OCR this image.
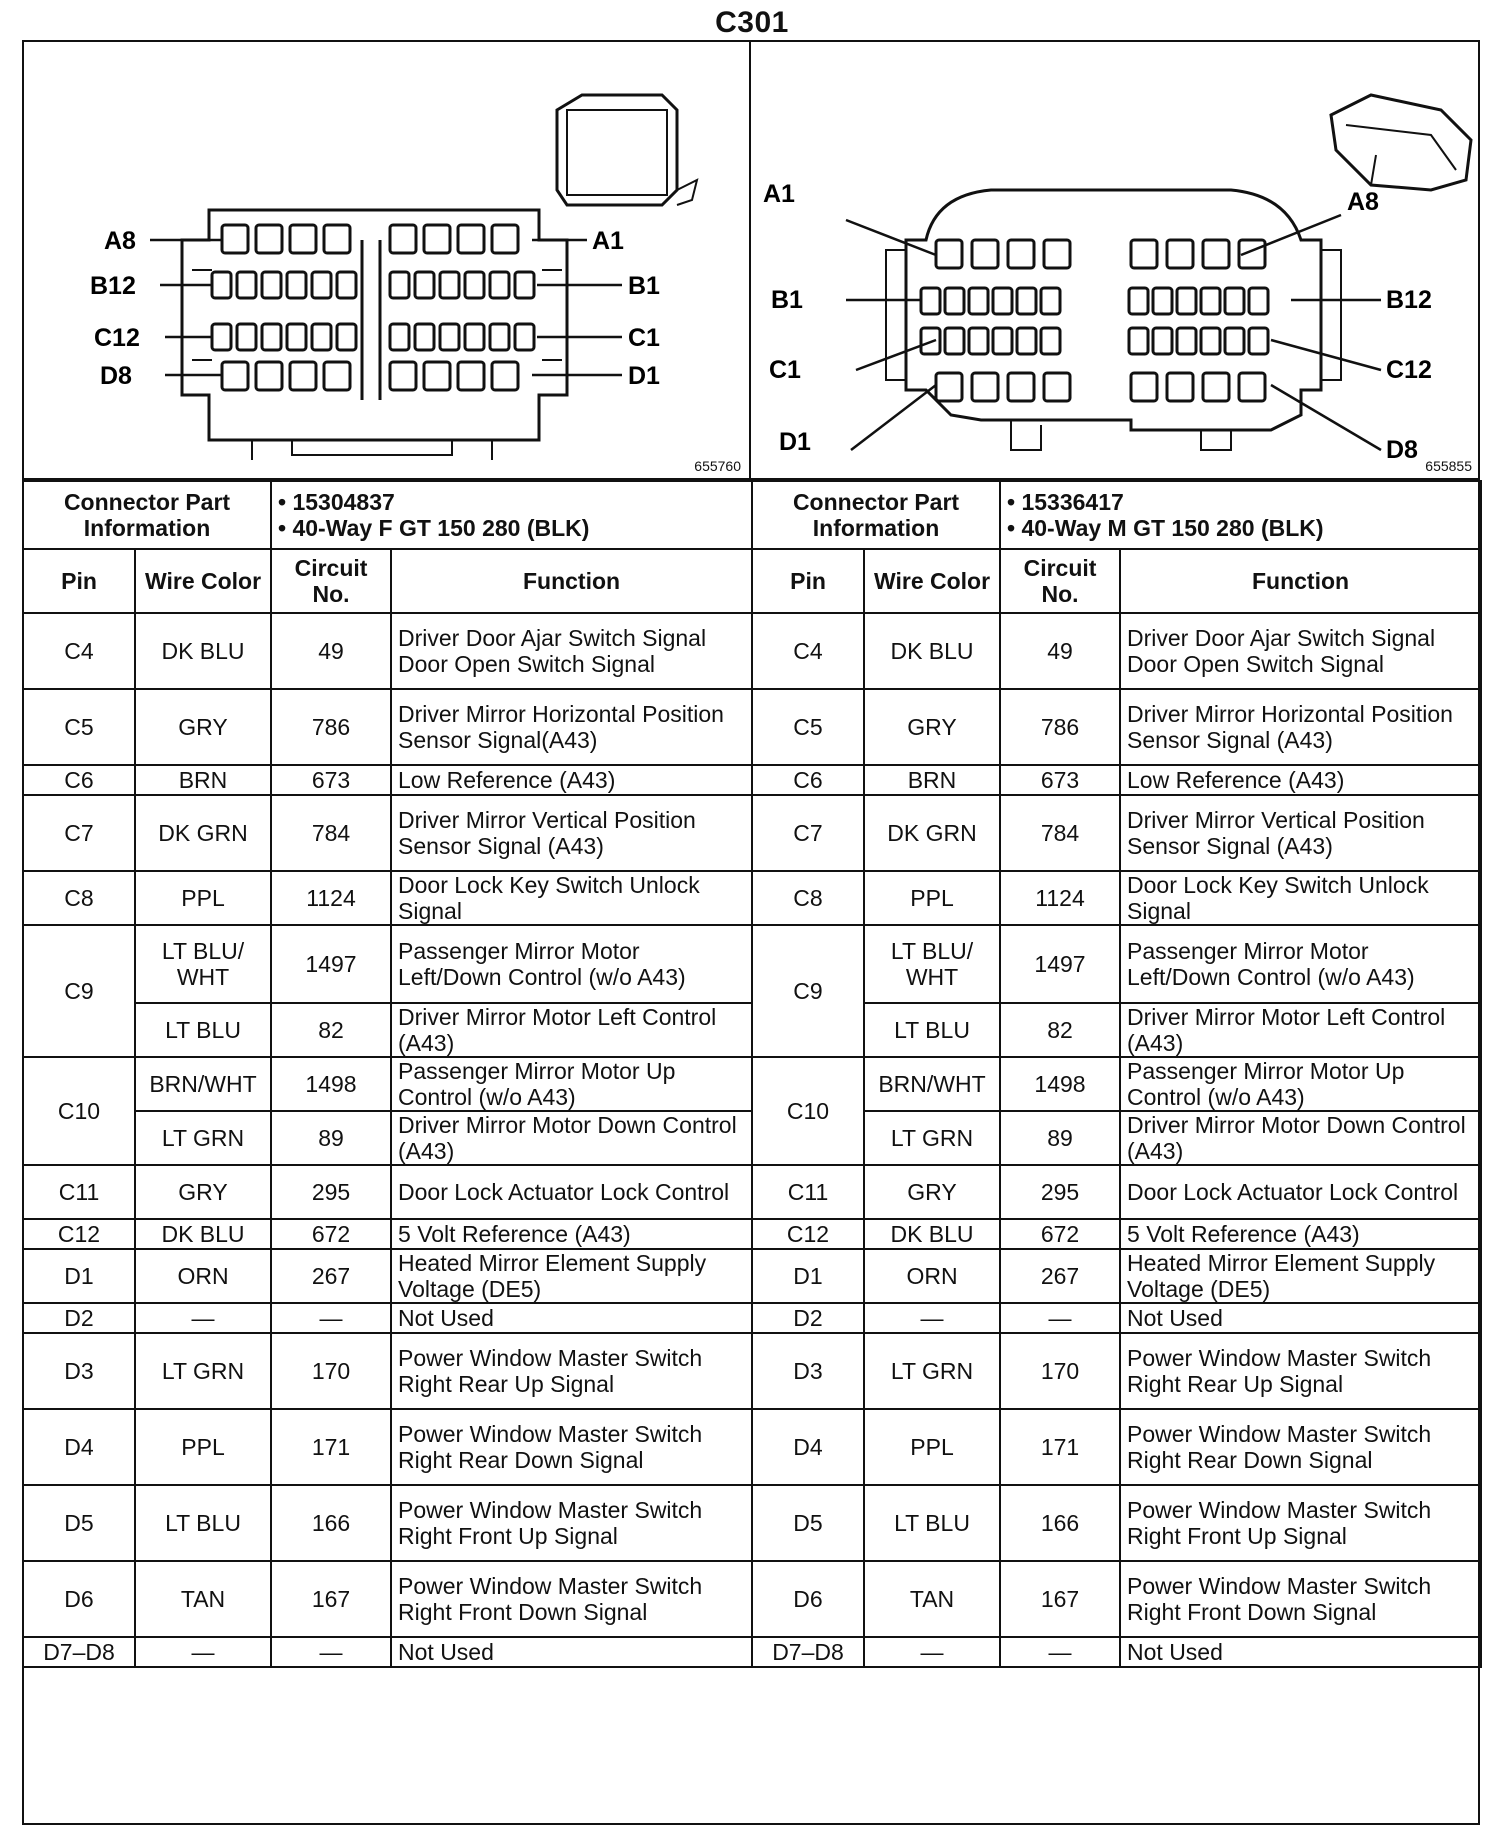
C301
A8
B12
C12
D8
A1
B1
C1
D1
655760
Connector Part Information		• 15304837
• 40-Way F GT 150 280 (BLK)	

Pin	Wire Color	Circuit No.	Function
C4	DK BLU	49	Driver Door Ajar Switch Signal Door Open Switch Signal
C5	GRY	786	Driver Mirror Horizontal Position Sensor Signal(A43)
C6	BRN	673	Low Reference (A43)
C7	DK GRN	784	Driver Mirror Vertical Position Sensor Signal (A43)
C8	PPL	1124	Door Lock Key Switch Unlock Signal
C9	LT BLU/ WHT	1497	Passenger Mirror Motor Left/Down Control (w/o A43)
	LT BLU	82	Driver Mirror Motor Left Control (A43)
C10	BRN/WHT	1498	Passenger Mirror Motor Up Control (w/o A43)
	LT GRN	89	Driver Mirror Motor Down Control (A43)
C11	GRY	295	Door Lock Actuator Lock Control
C12	DK BLU	672	5 Volt Reference (A43)
D1	ORN	267	Heated Mirror Element Supply Voltage (DE5)
D2	—	—	Not Used
D3	LT GRN	170	Power Window Master Switch Right Rear Up Signal
D4	PPL	171	Power Window Master Switch Right Rear Down Signal
D5	LT BLU	166	Power Window Master Switch Right Front Up Signal
D6	TAN	167	Power Window Master Switch Right Front Down Signal
D7–D8	—	—	Not Used
A1
B1
C1
D1
A8
B12
C12
D8
655855
Connector Part Information		• 15336417
• 40-Way M GT 150 280 (BLK)	

Pin	Wire Color	Circuit No.	Function
C4	DK BLU	49	Driver Door Ajar Switch Signal Door Open Switch Signal
C5	GRY	786	Driver Mirror Horizontal Position Sensor Signal (A43)
C6	BRN	673	Low Reference (A43)
C7	DK GRN	784	Driver Mirror Vertical Position Sensor Signal (A43)
C8	PPL	1124	Door Lock Key Switch Unlock Signal
C9	LT BLU/ WHT	1497	Passenger Mirror Motor Left/Down Control (w/o A43)
	LT BLU	82	Driver Mirror Motor Left Control (A43)
C10	BRN/WHT	1498	Passenger Mirror Motor Up Control (w/o A43)
	LT GRN	89	Driver Mirror Motor Down Control (A43)
C11	GRY	295	Door Lock Actuator Lock Control
C12	DK BLU	672	5 Volt Reference (A43)
D1	ORN	267	Heated Mirror Element Supply Voltage (DE5)
D2	—	—	Not Used
D3	LT GRN	170	Power Window Master Switch Right Rear Up Signal
D4	PPL	171	Power Window Master Switch Right Rear Down Signal
D5	LT BLU	166	Power Window Master Switch Right Front Up Signal
D6	TAN	167	Power Window Master Switch Right Front Down Signal
D7–D8	—	—	Not Used
